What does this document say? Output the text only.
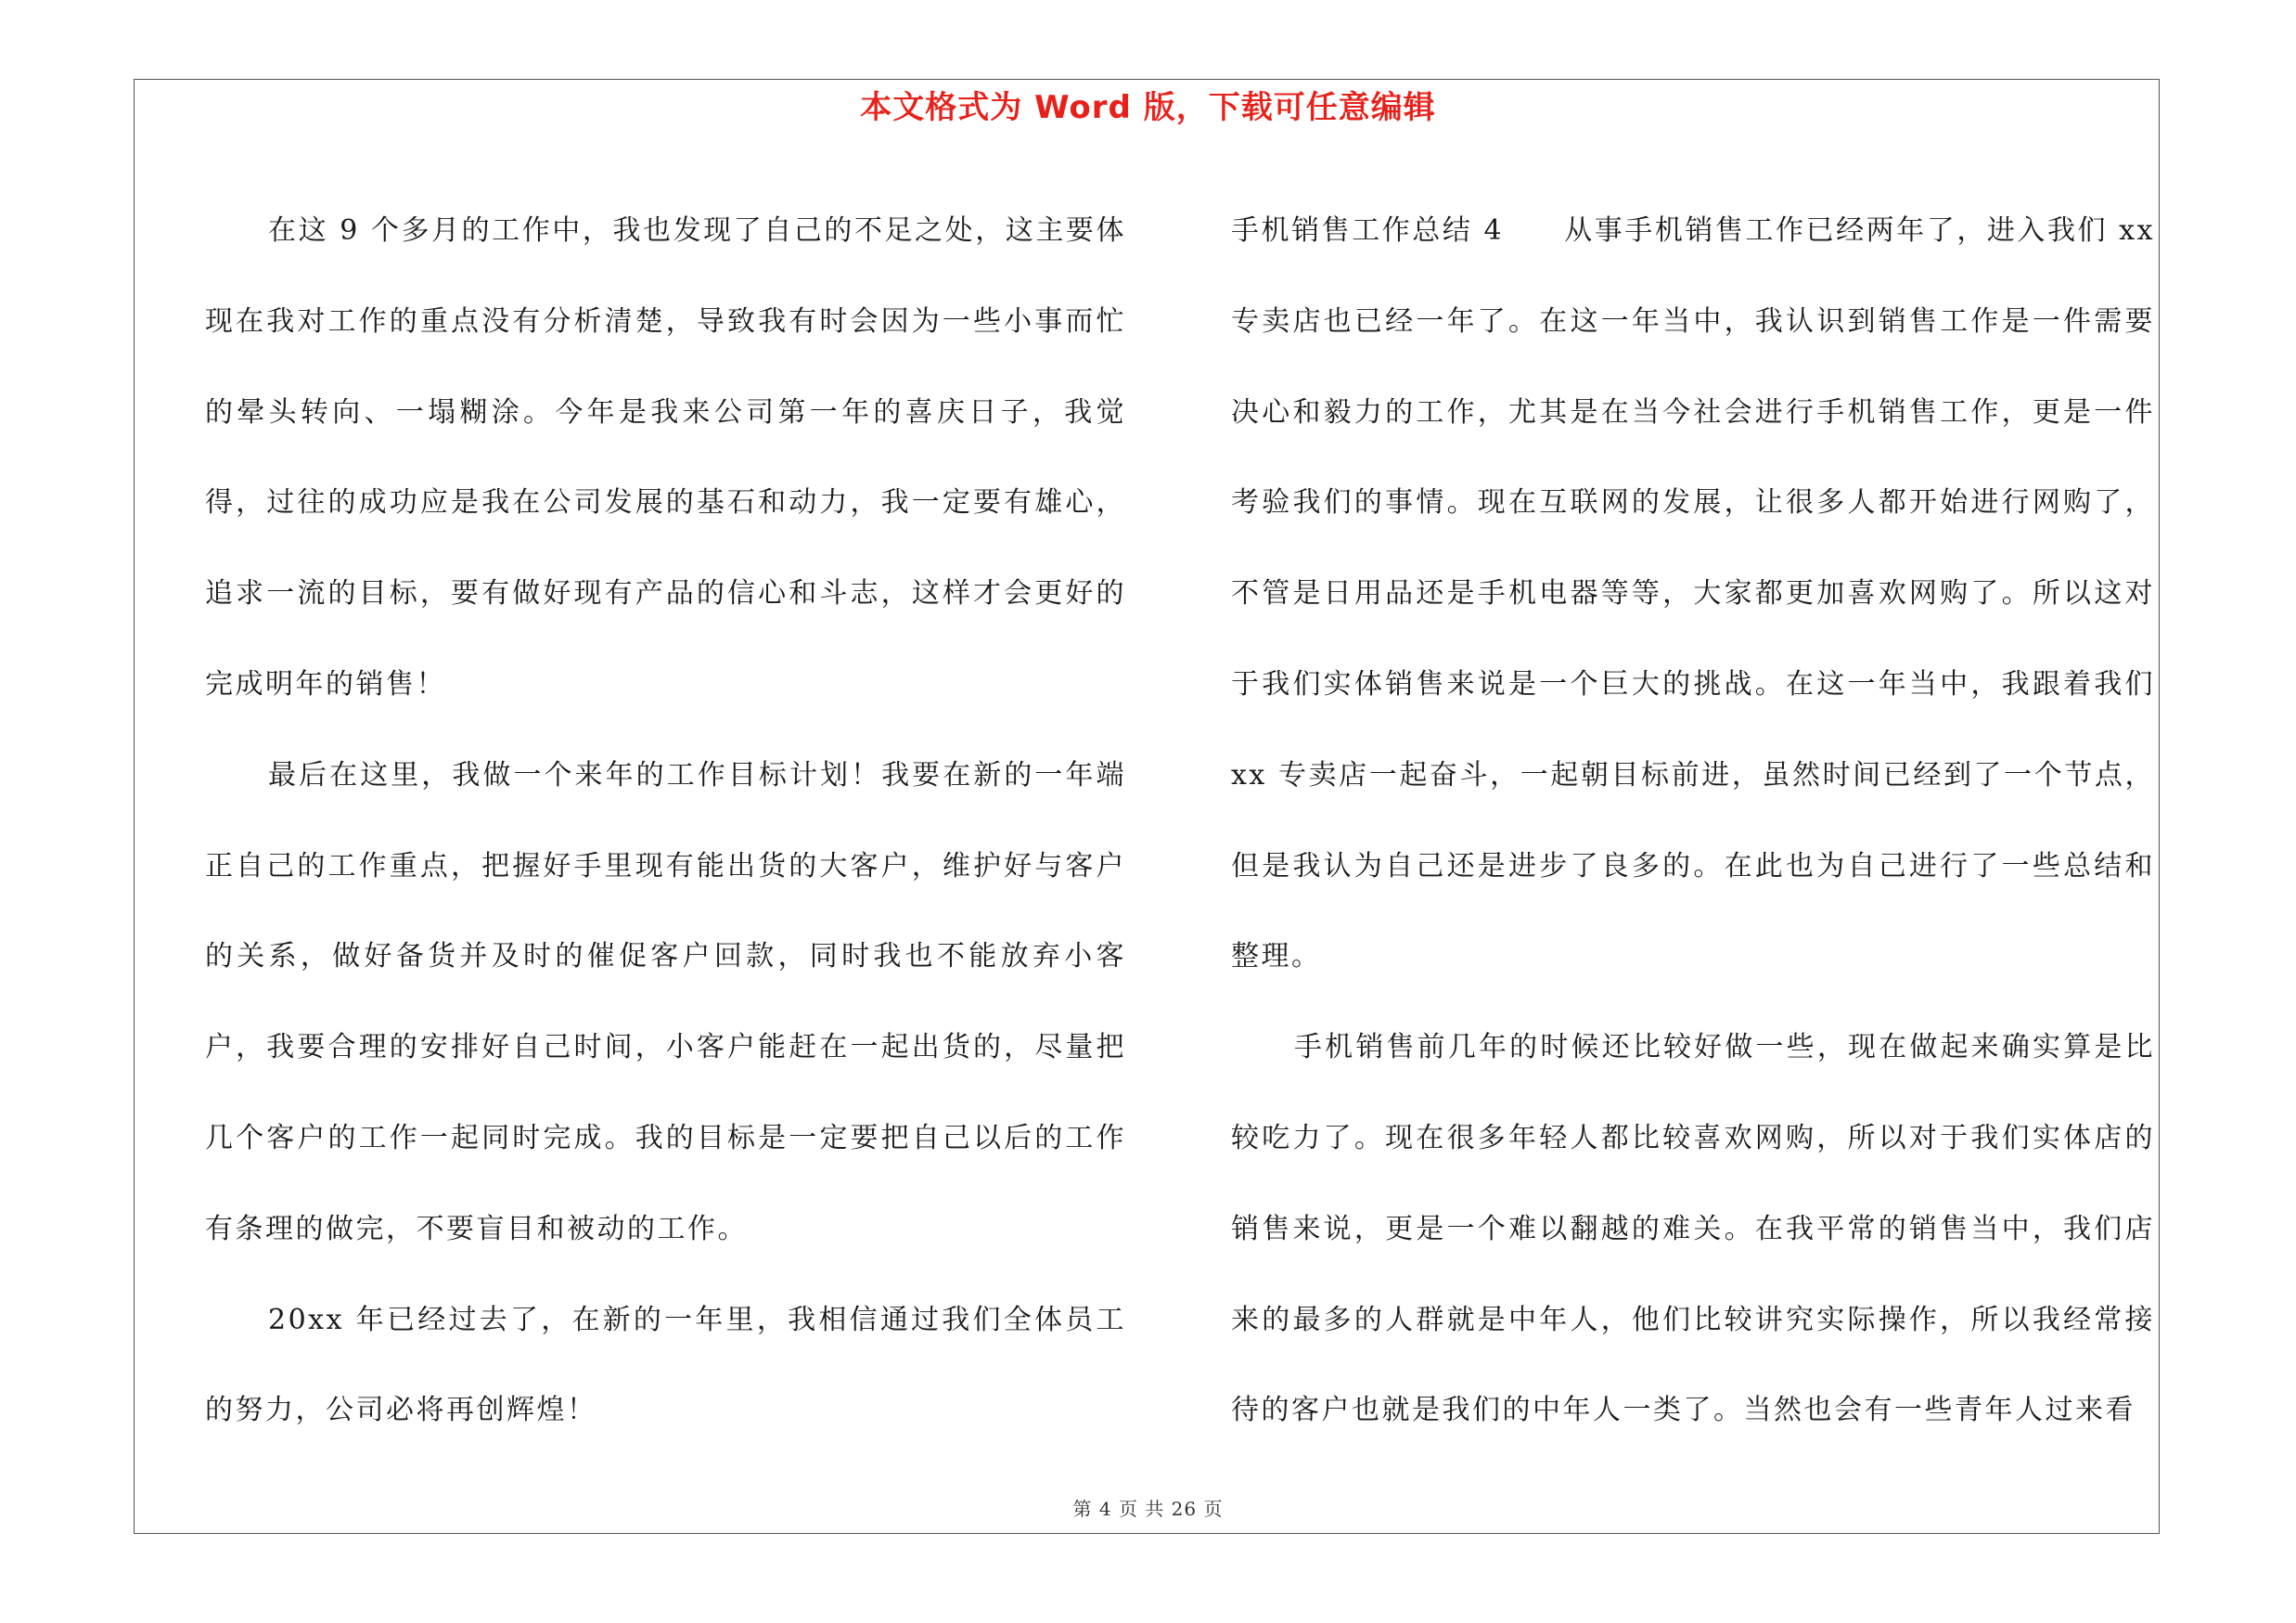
本文格式为 Word 版，下载可任意编辑

在这 9 个多月的工作中，我也发现了自己的不足之处，这主要体现在我对工作的重点没有分析清楚，导致我有时会因为一些小事而忙的晕头转向、一塌糊涂。今年是我来公司第一年的喜庆日子，我觉得，过往的成功应是我在公司发展的基石和动力，我一定要有雄心，追求一流的目标，要有做好现有产品的信心和斗志，这样才会更好的完成明年的销售！

最后在这里，我做一个来年的工作目标计划！我要在新的一年端正自己的工作重点，把握好手里现有能出货的大客户，维护好与客户的关系，做好备货并及时的催促客户回款，同时我也不能放弃小客户，我要合理的安排好自己时间，小客户能赶在一起出货的，尽量把几个客户的工作一起同时完成。我的目标是一定要把自己以后的工作有条理的做完，不要盲目和被动的工作。

20xx 年已经过去了，在新的一年里，我相信通过我们全体员工的努力，公司必将再创辉煌！

手机销售工作总结 4　　从事手机销售工作已经两年了，进入我们 xx 专卖店也已经一年了。在这一年当中，我认识到销售工作是一件需要决心和毅力的工作，尤其是在当今社会进行手机销售工作，更是一件考验我们的事情。现在互联网的发展，让很多人都开始进行网购了，不管是日用品还是手机电器等等，大家都更加喜欢网购了。所以这对于我们实体销售来说是一个巨大的挑战。在这一年当中，我跟着我们 xx 专卖店一起奋斗，一起朝目标前进，虽然时间已经到了一个节点，但是我认为自己还是进步了良多的。在此也为自己进行了一些总结和整理。

手机销售前几年的时候还比较好做一些，现在做起来确实算是比较吃力了。现在很多年轻人都比较喜欢网购，所以对于我们实体店的销售来说，更是一个难以翻越的难关。在我平常的销售当中，我们店来的最多的人群就是中年人，他们比较讲究实际操作，所以我经常接待的客户也就是我们的中年人一类了。当然也会有一些青年人过来看

第 4 页 共 26 页
